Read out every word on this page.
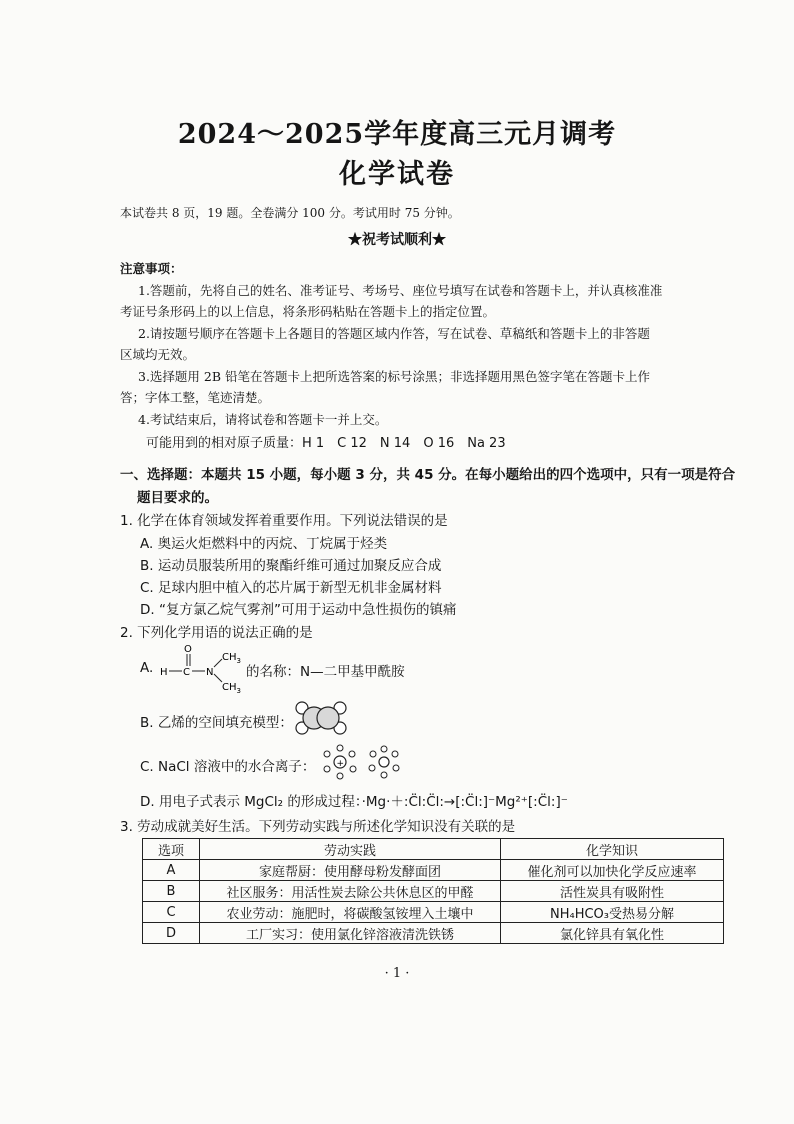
2024～2025学年度高三元月调考
化学试卷
本试卷共 8 页，19 题。全卷满分 100 分。考试用时 75 分钟。
★祝考试顺利★
注意事项：
1.答题前，先将自己的姓名、准考证号、考场号、座位号填写在试卷和答题卡上，并认真核准准
考证号条形码上的以上信息，将条形码粘贴在答题卡上的指定位置。
2.请按题号顺序在答题卡上各题目的答题区域内作答，写在试卷、草稿纸和答题卡上的非答题
区域均无效。
3.选择题用 2B 铅笔在答题卡上把所选答案的标号涂黑；非选择题用黑色签字笔在答题卡上作
答；字体工整，笔迹清楚。
4.考试结束后，请将试卷和答题卡一并上交。
可能用到的相对原子质量：H 1　C 12　N 14　O 16　Na 23
一、选择题：本题共 15 小题，每小题 3 分，共 45 分。在每小题给出的四个选项中，只有一项是符合
题目要求的。
1. 化学在体育领域发挥着重要作用。下列说法错误的是
A. 奥运火炬燃料中的丙烷、丁烷属于烃类
B. 运动员服装所用的聚酯纤维可通过加聚反应合成
C. 足球内胆中植入的芯片属于新型无机非金属材料
D. “复方氯乙烷气雾剂”可用于运动中急性损伤的镇痛
2. 下列化学用语的说法正确的是
A. H C
O
N
$CH_3$
$CH_3$
的名称：N—二甲基甲酰胺
B. 乙烯的空间填充模型：
C. NaCl 溶液中的水合离子： +
D. 用电子式表示 MgCl₂ 的形成过程：·Mg·＋:C̈l:C̈l:→[:C̈l:]⁻Mg²⁺[:C̈l:]⁻
3. 劳动成就美好生活。下列劳动实践与所述化学知识没有关联的是
选项	劳动实践	化学知识
A	家庭帮厨：使用酵母粉发酵面团	催化剂可以加快化学反应速率
B	社区服务：用活性炭去除公共休息区的甲醛	活性炭具有吸附性
C	农业劳动：施肥时，将碳酸氢铵埋入土壤中	NH₄HCO₃受热易分解
D	工厂实习：使用氯化锌溶液清洗铁锈	氯化锌具有氧化性
· 1 ·
